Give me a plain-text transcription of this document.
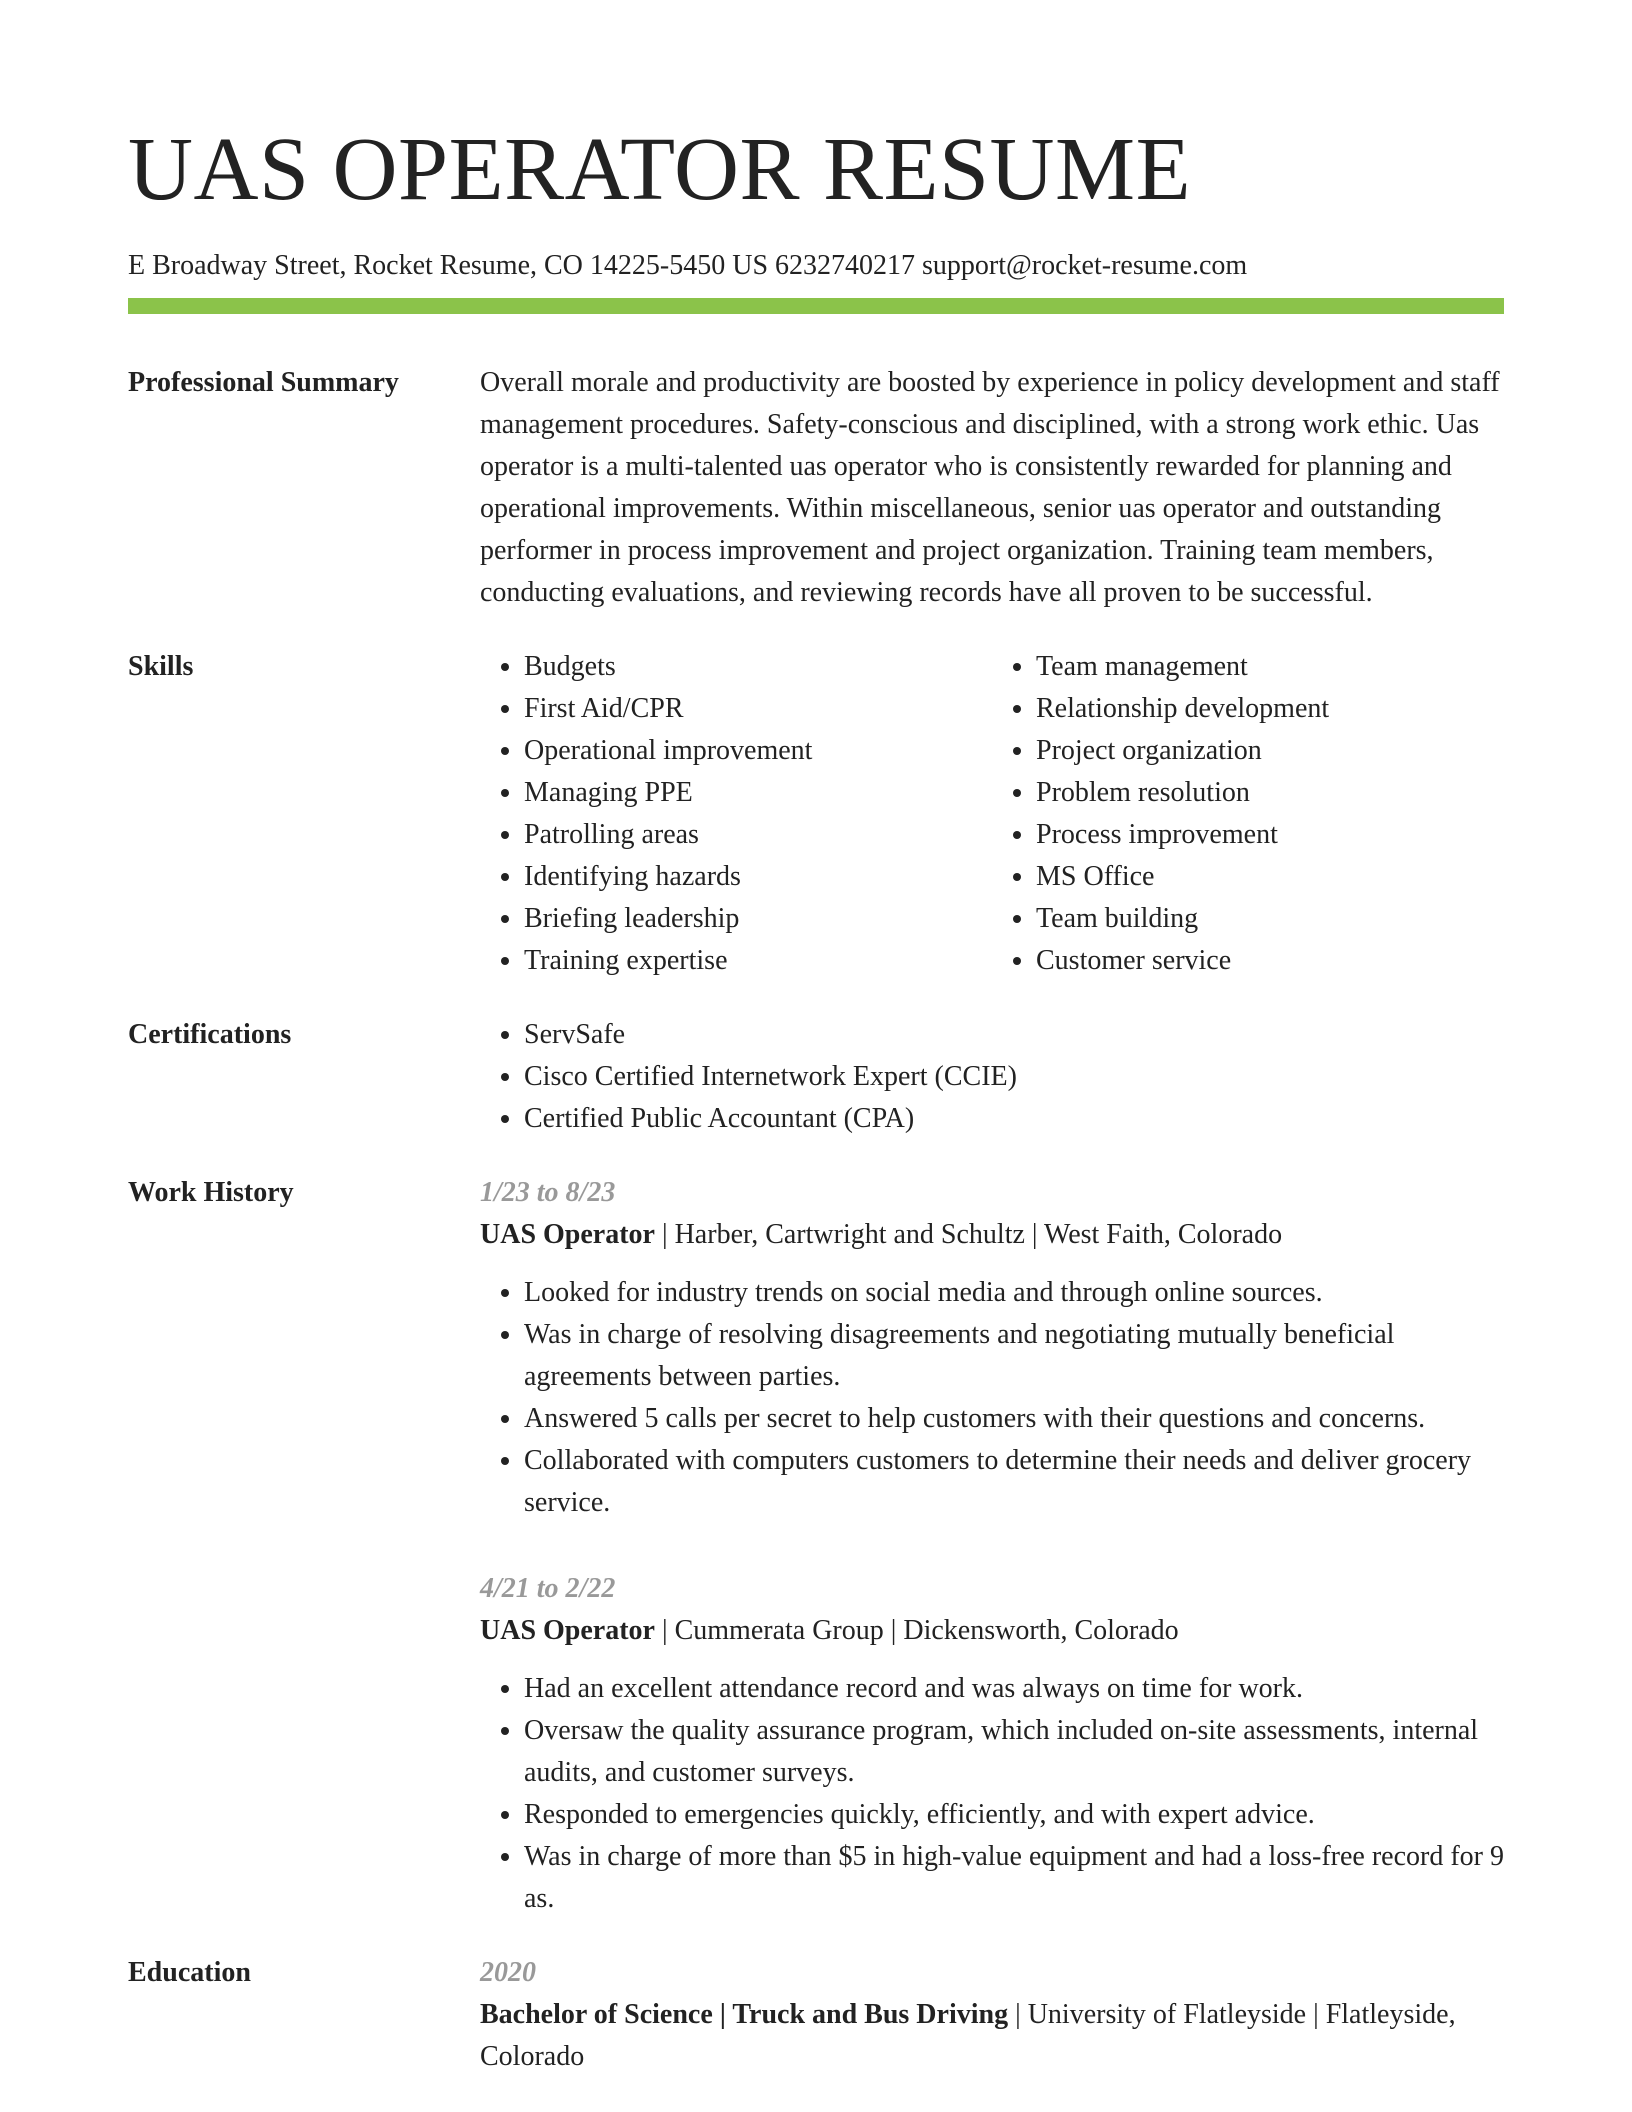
UAS OPERATOR RESUME
E Broadway Street, Rocket Resume, CO 14225-5450 US 6232740217 support@rocket-resume.com
Professional Summary	Overall morale and productivity are boosted by experience in policy development and staff management procedures. Safety-conscious and disciplined, with a strong work ethic. Uas operator is a multi-talented uas operator who is consistently rewarded for planning and operational improvements. Within miscellaneous, senior uas operator and outstanding performer in process improvement and project organization. Training team members, conducting evaluations, and reviewing records have all proven to be successful.

Skills	• Budgets
• First Aid/CPR
• Operational improvement
• Managing PPE
• Patrolling areas
• Identifying hazards
• Briefing leadership
• Training expertise
• Team management
• Relationship development
• Project organization
• Problem resolution
• Process improvement
• MS Office
• Team building
• Customer service
Certifications	• ServSafe
• Cisco Certified Internetwork Expert (CCIE)
• Certified Public Accountant (CPA)
Work History	1/23 to 8/23
UAS Operator | Harber, Cartwright and Schultz | West Faith, Colorado
• Looked for industry trends on social media and through online sources.
• Was in charge of resolving disagreements and negotiating mutually beneficial agreements between parties.
• Answered 5 calls per secret to help customers with their questions and concerns.
• Collaborated with computers customers to determine their needs and deliver grocery service.
4/21 to 2/22
UAS Operator | Cummerata Group | Dickensworth, Colorado
• Had an excellent attendance record and was always on time for work.
• Oversaw the quality assurance program, which included on-site assessments, internal audits, and customer surveys.
• Responded to emergencies quickly, efficiently, and with expert advice.
• Was in charge of more than $5 in high-value equipment and had a loss-free record for 9 as.
Education	2020
Bachelor of Science | Truck and Bus Driving | University of Flatleyside | Flatleyside, Colorado
